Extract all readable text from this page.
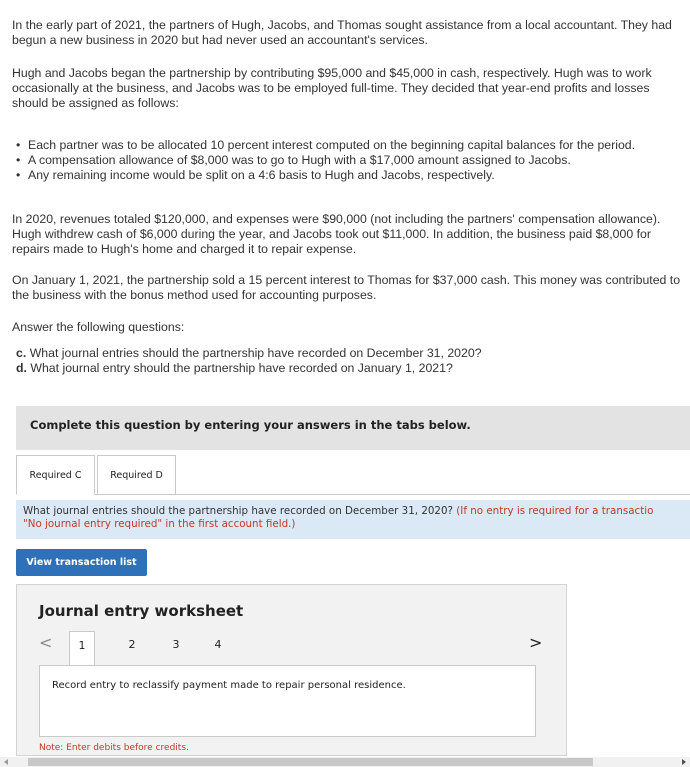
In the early part of 2021, the partners of Hugh, Jacobs, and Thomas sought assistance from a local accountant. They had begun a new business in 2020 but had never used an accountant's services.

Hugh and Jacobs began the partnership by contributing $95,000 and $45,000 in cash, respectively. Hugh was to work occasionally at the business, and Jacobs was to be employed full-time. They decided that year-end profits and losses should be assigned as follows:

• Each partner was to be allocated 10 percent interest computed on the beginning capital balances for the period.
• A compensation allowance of $8,000 was to go to Hugh with a $17,000 amount assigned to Jacobs.
• Any remaining income would be split on a 4:6 basis to Hugh and Jacobs, respectively.

In 2020, revenues totaled $120,000, and expenses were $90,000 (not including the partners' compensation allowance). Hugh withdrew cash of $6,000 during the year, and Jacobs took out $11,000. In addition, the business paid $8,000 for repairs made to Hugh's home and charged it to repair expense.

On January 1, 2021, the partnership sold a 15 percent interest to Thomas for $37,000 cash. This money was contributed to the business with the bonus method used for accounting purposes.

Answer the following questions:

c. What journal entries should the partnership have recorded on December 31, 2020?
d. What journal entry should the partnership have recorded on January 1, 2021?
Complete this question by entering your answers in the tabs below.
Required C	Required D
What journal entries should the partnership have recorded on December 31, 2020? (If no entry is required for a transactio
"No journal entry required" in the first account field.)
View transaction list
Journal entry worksheet
<	1	2	3	4	>
Record entry to reclassify payment made to repair personal residence.
Note: Enter debits before credits.
